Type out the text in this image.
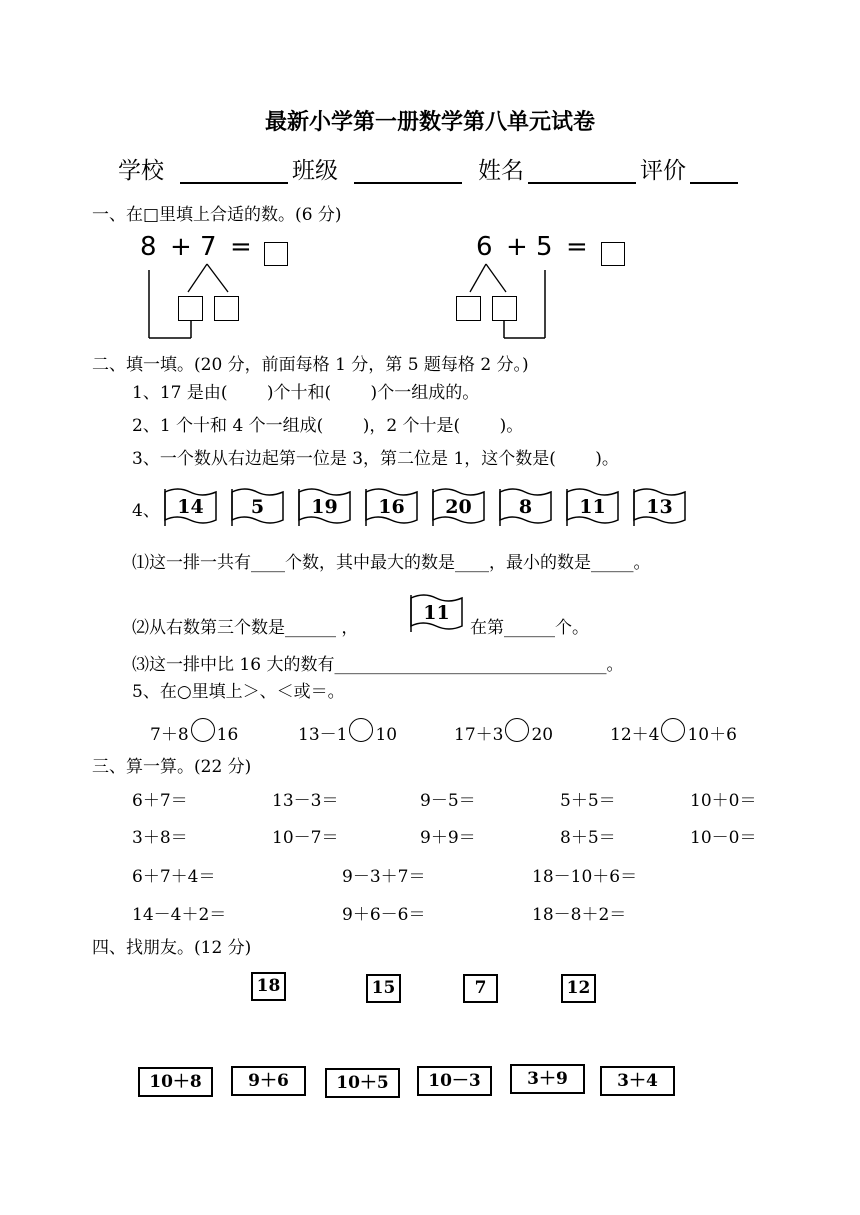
最新小学第一册数学第八单元试卷
学校	班级	姓名	评价
一、在□里填上合适的数。(6 分)
8 + 7 =	6 + 5 =
二、填一填。(20 分，前面每格 1 分，第 5 题每格 2 分。)
1、17 是由(　　 )个十和(　　 )个一组成的。
2、1 个十和 4 个一组成(　　 )，2 个十是(　　 )。
3、一个数从右边起第一位是 3，第二位是 1，这个数是(　　 )。
4、 14	5	19	16	20	8	11	13
⑴这一排一共有____个数，其中最大的数是____，最小的数是_____。
⑵从右数第三个数是______ ，
11
在第______个。
⑶这一排中比 16 大的数有________________________________。
5、在○里填上＞、＜或＝。
7＋8 16	13－1 10	17＋3 20	12＋4 10＋6
三、算一算。(22 分)
6＋7＝	13－3＝	9－5＝	5＋5＝	10＋0＝
3＋8＝	10－7＝	9＋9＝	8＋5＝	10－0＝
6＋7＋4＝	9－3＋7＝	18－10＋6＝
14－4＋2＝	9＋6－6＝	18－8＋2＝
四、找朋友。(12 分)
18	15	7	12
10＋8	9＋6	10＋5	10－3	3＋9	3＋4
